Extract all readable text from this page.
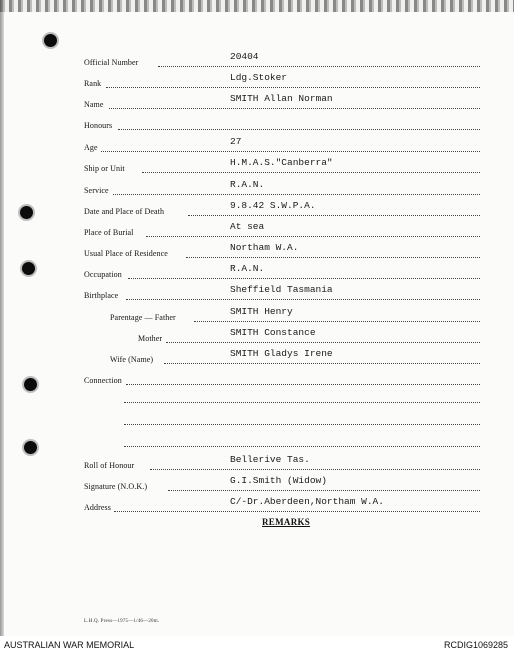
Official Number
20404
Rank
Ldg.Stoker
Name
SMITH Allan Norman
Honours
Age
27
Ship or Unit
H.M.A.S."Canberra"
Service
R.A.N.
Date and Place of Death
9.8.42 S.W.P.A.
Place of Burial
At sea
Usual Place of Residence
Northam W.A.
Occupation
R.A.N.
Birthplace
Sheffield Tasmania
Parentage — Father
SMITH Henry
Mother
SMITH Constance
Wife (Name)
SMITH Gladys Irene
Connection
Roll of Honour
Bellerive Tas.
Signature (N.O.K.)
G.I.Smith (Widow)
Address
C/-Dr.Aberdeen,Northam W.A.
REMARKS
L.H.Q. Press—1975—1/46—20m.
AUSTRALIAN WAR MEMORIAL	RCDIG1069285
